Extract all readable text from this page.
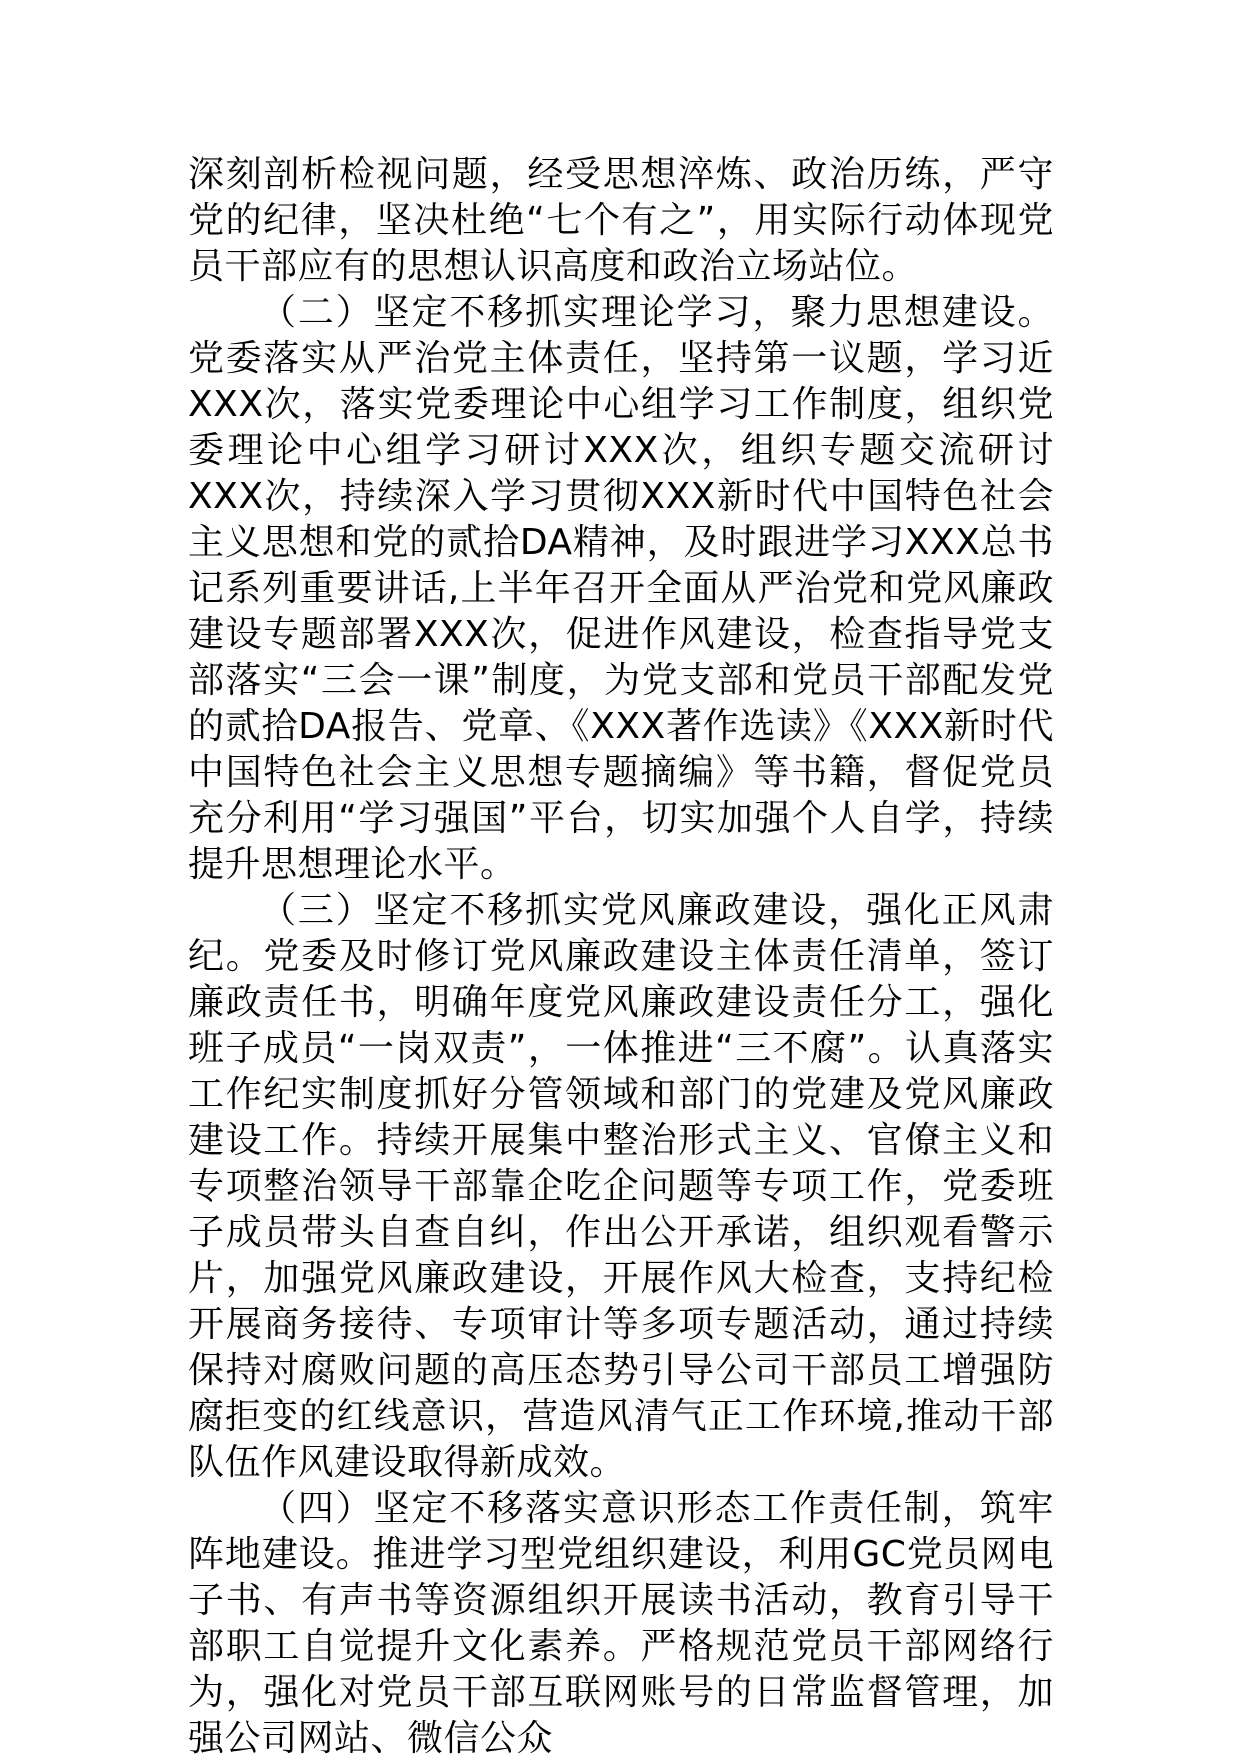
深刻剖析检视问题，经受思想淬炼、政治历练，严守党的纪律，坚决杜绝“七个有之”，用实际行动体现党员干部应有的思想认识高度和政治立场站位。

（二）坚定不移抓实理论学习，聚力思想建设。党委落实从严治党主体责任，坚持第一议题，学习近XXX次，落实党委理论中心组学习工作制度，组织党委理论中心组学习研讨XXX次，组织专题交流研讨XXX次，持续深入学习贯彻XXX新时代中国特色社会主义思想和党的贰拾DA精神，及时跟进学习XXX总书记系列重要讲话,上半年召开全面从严治党和党风廉政建设专题部署XXX次，促进作风建设，检查指导党支部落实“三会一课”制度，为党支部和党员干部配发党的贰拾DA报告、党章、《XXX著作选读》《XXX新时代中国特色社会主义思想专题摘编》等书籍，督促党员充分利用“学习强国”平台，切实加强个人自学，持续提升思想理论水平。

（三）坚定不移抓实党风廉政建设，强化正风肃纪。党委及时修订党风廉政建设主体责任清单，签订廉政责任书，明确年度党风廉政建设责任分工，强化班子成员“一岗双责”，一体推进“三不腐”。认真落实工作纪实制度抓好分管领域和部门的党建及党风廉政建设工作。持续开展集中整治形式主义、官僚主义和专项整治领导干部靠企吃企问题等专项工作，党委班子成员带头自查自纠，作出公开承诺，组织观看警示片，加强党风廉政建设，开展作风大检查，支持纪检开展商务接待、专项审计等多项专题活动，通过持续保持对腐败问题的高压态势引导公司干部员工增强防腐拒变的红线意识，营造风清气正工作环境,推动干部队伍作风建设取得新成效。

（四）坚定不移落实意识形态工作责任制，筑牢阵地建设。推进学习型党组织建设，利用GC党员网电子书、有声书等资源组织开展读书活动，教育引导干部职工自觉提升文化素养。严格规范党员干部网络行为，强化对党员干部互联网账号的日常监督管理，加强公司网站、微信公众
